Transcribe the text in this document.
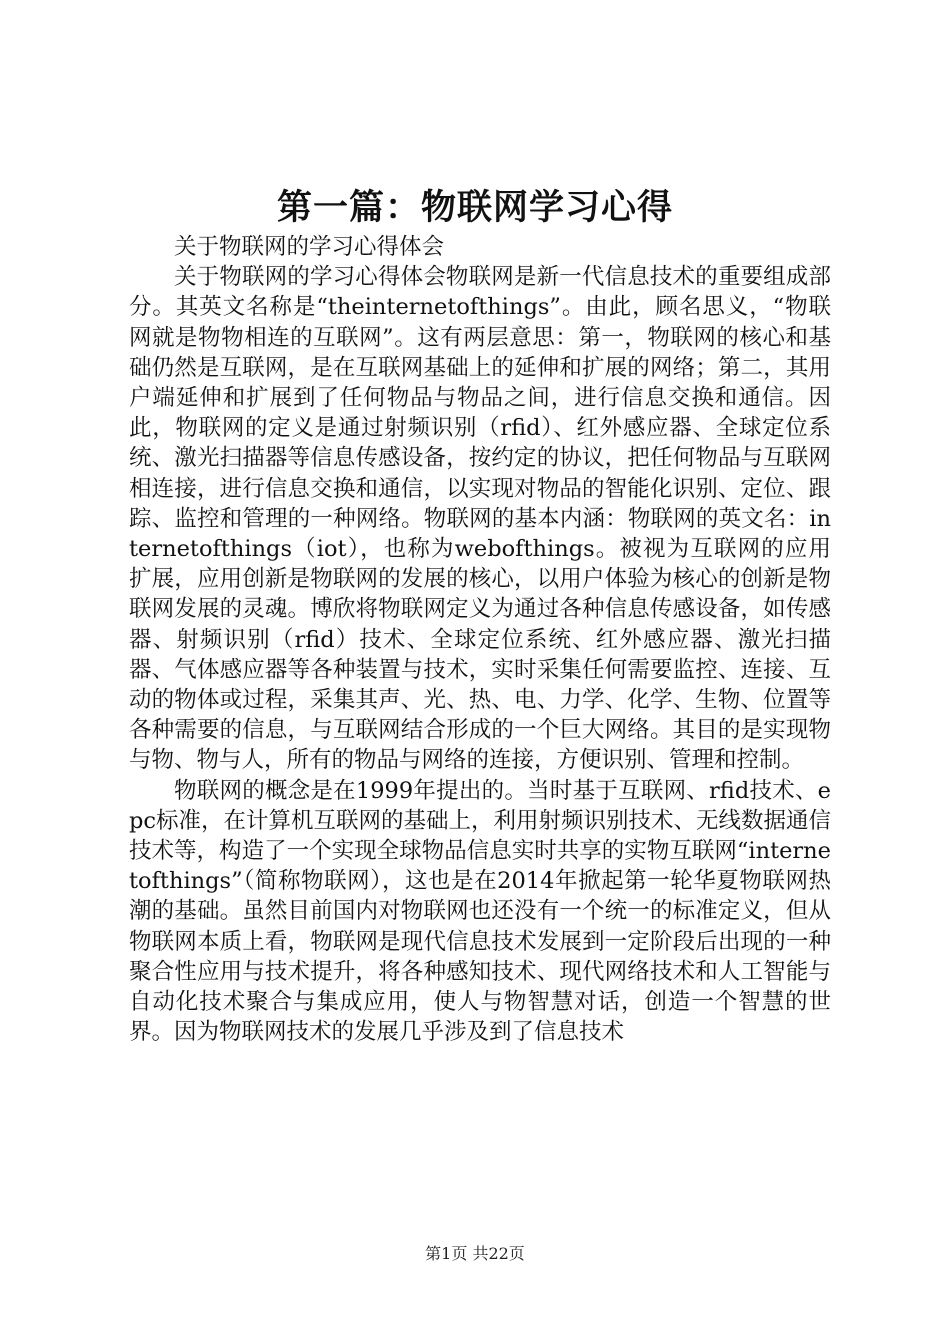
第一篇：物联网学习心得

关于物联网的学习心得体会

关于物联网的学习心得体会物联网是新一代信息技术的重要组成部分。其英文名称是“theinternetofthings”。由此，顾名思义，“物联网就是物物相连的互联网”。这有两层意思：第一，物联网的核心和基础仍然是互联网，是在互联网基础上的延伸和扩展的网络；第二，其用户端延伸和扩展到了任何物品与物品之间，进行信息交换和通信。因此，物联网的定义是通过射频识别（rfid）、红外感应器、全球定位系统、激光扫描器等信息传感设备，按约定的协议，把任何物品与互联网相连接，进行信息交换和通信，以实现对物品的智能化识别、定位、跟踪、监控和管理的一种网络。物联网的基本内涵：物联网的英文名：internetofthings（iot），也称为webofthings。被视为互联网的应用扩展，应用创新是物联网的发展的核心，以用户体验为核心的创新是物联网发展的灵魂。博欣将物联网定义为通过各种信息传感设备，如传感器、射频识别（rfid）技术、全球定位系统、红外感应器、激光扫描器、气体感应器等各种装置与技术，实时采集任何需要监控、连接、互动的物体或过程，采集其声、光、热、电、力学、化学、生物、位置等各种需要的信息，与互联网结合形成的一个巨大网络。其目的是实现物与物、物与人，所有的物品与网络的连接，方便识别、管理和控制。

物联网的概念是在1999年提出的。当时基于互联网、rfid技术、epc标准，在计算机互联网的基础上，利用射频识别技术、无线数据通信技术等，构造了一个实现全球物品信息实时共享的实物互联网“internetofthings”（简称物联网），这也是在2014年掀起第一轮华夏物联网热潮的基础。虽然目前国内对物联网也还没有一个统一的标准定义，但从物联网本质上看，物联网是现代信息技术发展到一定阶段后出现的一种聚合性应用与技术提升，将各种感知技术、现代网络技术和人工智能与自动化技术聚合与集成应用，使人与物智慧对话，创造一个智慧的世界。因为物联网技术的发展几乎涉及到了信息技术

第1页 共22页
